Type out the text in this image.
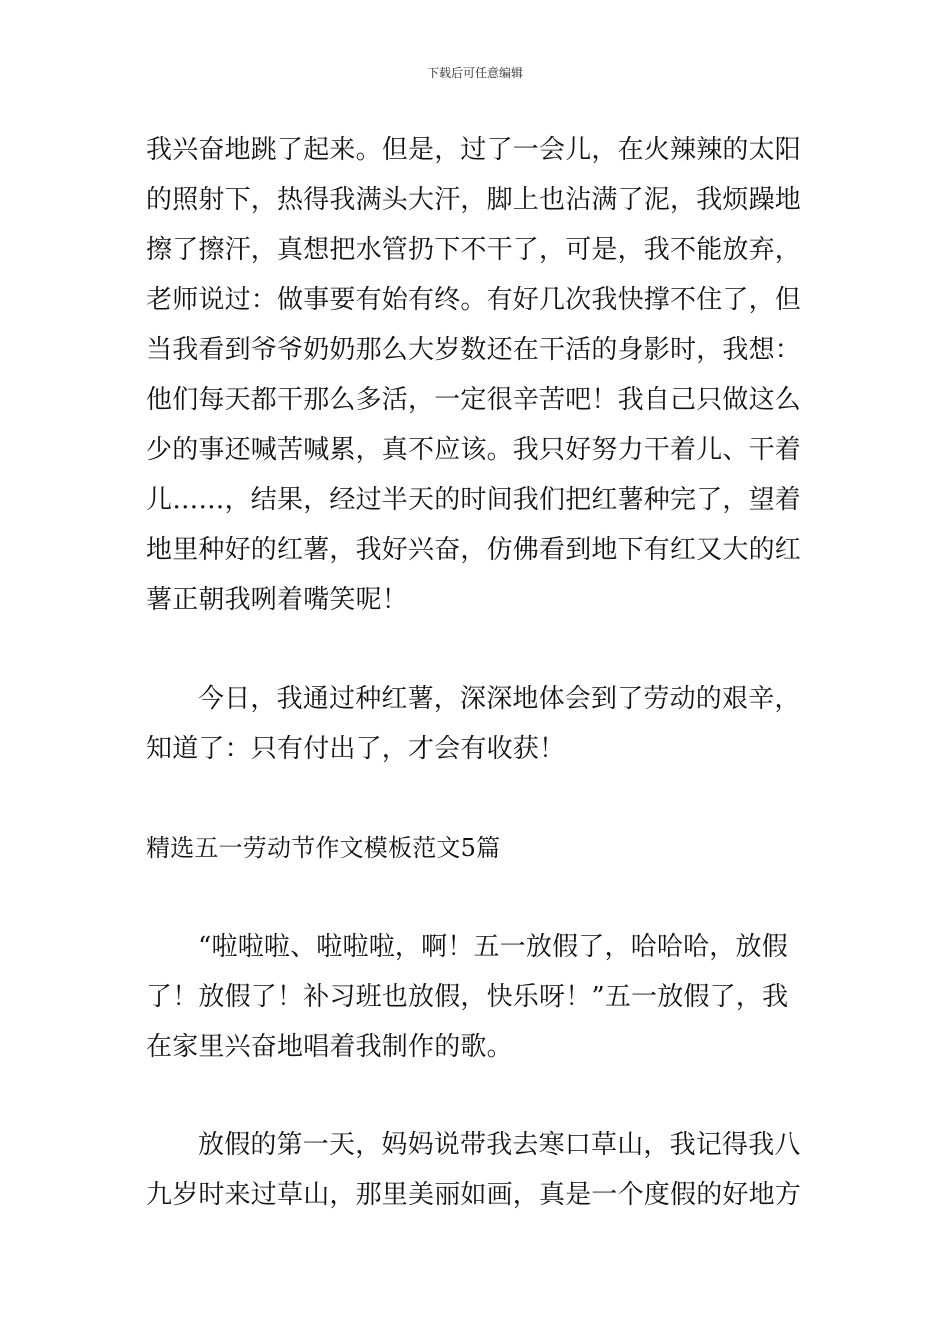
下载后可任意编辑
我兴奋地跳了起来。但是，过了一会儿，在火辣辣的太阳
的照射下，热得我满头大汗，脚上也沾满了泥，我烦躁地
擦了擦汗，真想把水管扔下不干了，可是，我不能放弃，
老师说过：做事要有始有终。有好几次我快撑不住了，但
当我看到爷爷奶奶那么大岁数还在干活的身影时，我想：
他们每天都干那么多活，一定很辛苦吧！我自己只做这么
少的事还喊苦喊累，真不应该。我只好努力干着儿、干着
儿……，结果，经过半天的时间我们把红薯种完了，望着
地里种好的红薯，我好兴奋，仿佛看到地下有红又大的红
薯正朝我咧着嘴笑呢！
今日，我通过种红薯，深深地体会到了劳动的艰辛，
知道了：只有付出了，才会有收获！
精选五一劳动节作文模板范文5篇
“啦啦啦、啦啦啦，啊！五一放假了，哈哈哈，放假
了！放假了！补习班也放假，快乐呀！”五一放假了，我
在家里兴奋地唱着我制作的歌。
放假的第一天，妈妈说带我去寒口草山，我记得我八
九岁时来过草山，那里美丽如画，真是一个度假的好地方
